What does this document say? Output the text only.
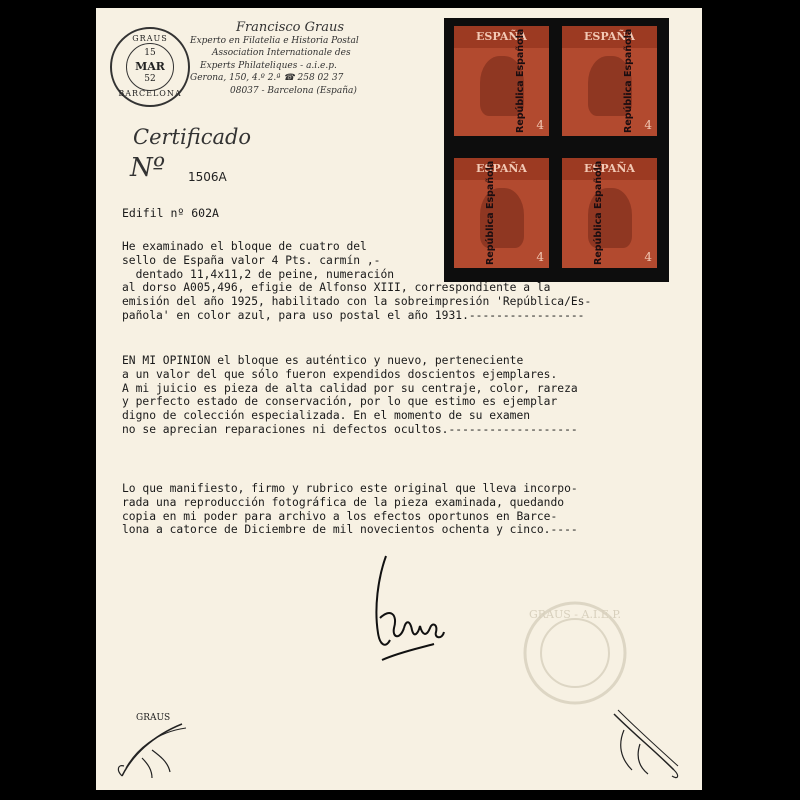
GRAUS
15
MAR
52
BARCELONA
Francisco Graus
Experto en Filatelia e Historia Postal
Association Internationale des
Experts Philateliques - a.i.e.p.
Gerona, 150, 4.º 2.ª ☎ 258 02 37
08037 - Barcelona (España)
ESPAÑA
4
República Española	ESPAÑA
4
República Española
ESPAÑA
4
República Española	ESPAÑA
4
República Española
Certificado
Nº 1506A
Edifil nº 602A
He examinado el bloque de cuatro del
sello de España valor 4 Pts. carmín ,-
dentado 11,4x11,2 de peine, numeración
al dorso A005,496, efigie de Alfonso XIII, correspondiente a la
emisión del año 1925, habilitado con la sobreimpresión 'República/Es-
pañola' en color azul, para uso postal el año 1931.-----------------
EN MI OPINION el bloque es auténtico y nuevo, perteneciente
a un valor del que sólo fueron expendidos doscientos ejemplares.
A mi juicio es pieza de alta calidad por su centraje, color, rareza
y perfecto estado de conservación, por lo que estimo es ejemplar
digno de colección especializada. En el momento de su examen
no se aprecian reparaciones ni defectos ocultos.-------------------
Lo que manifiesto, firmo y rubrico este original que lleva incorpo-
rada una reproducción fotográfica de la pieza examinada, quedando
copia en mi poder para archivo a los efectos oportunos en Barce-
lona a catorce de Diciembre de mil novecientos ochenta y cinco.----
GRAUS - A.I.E.P.
GRAUS
